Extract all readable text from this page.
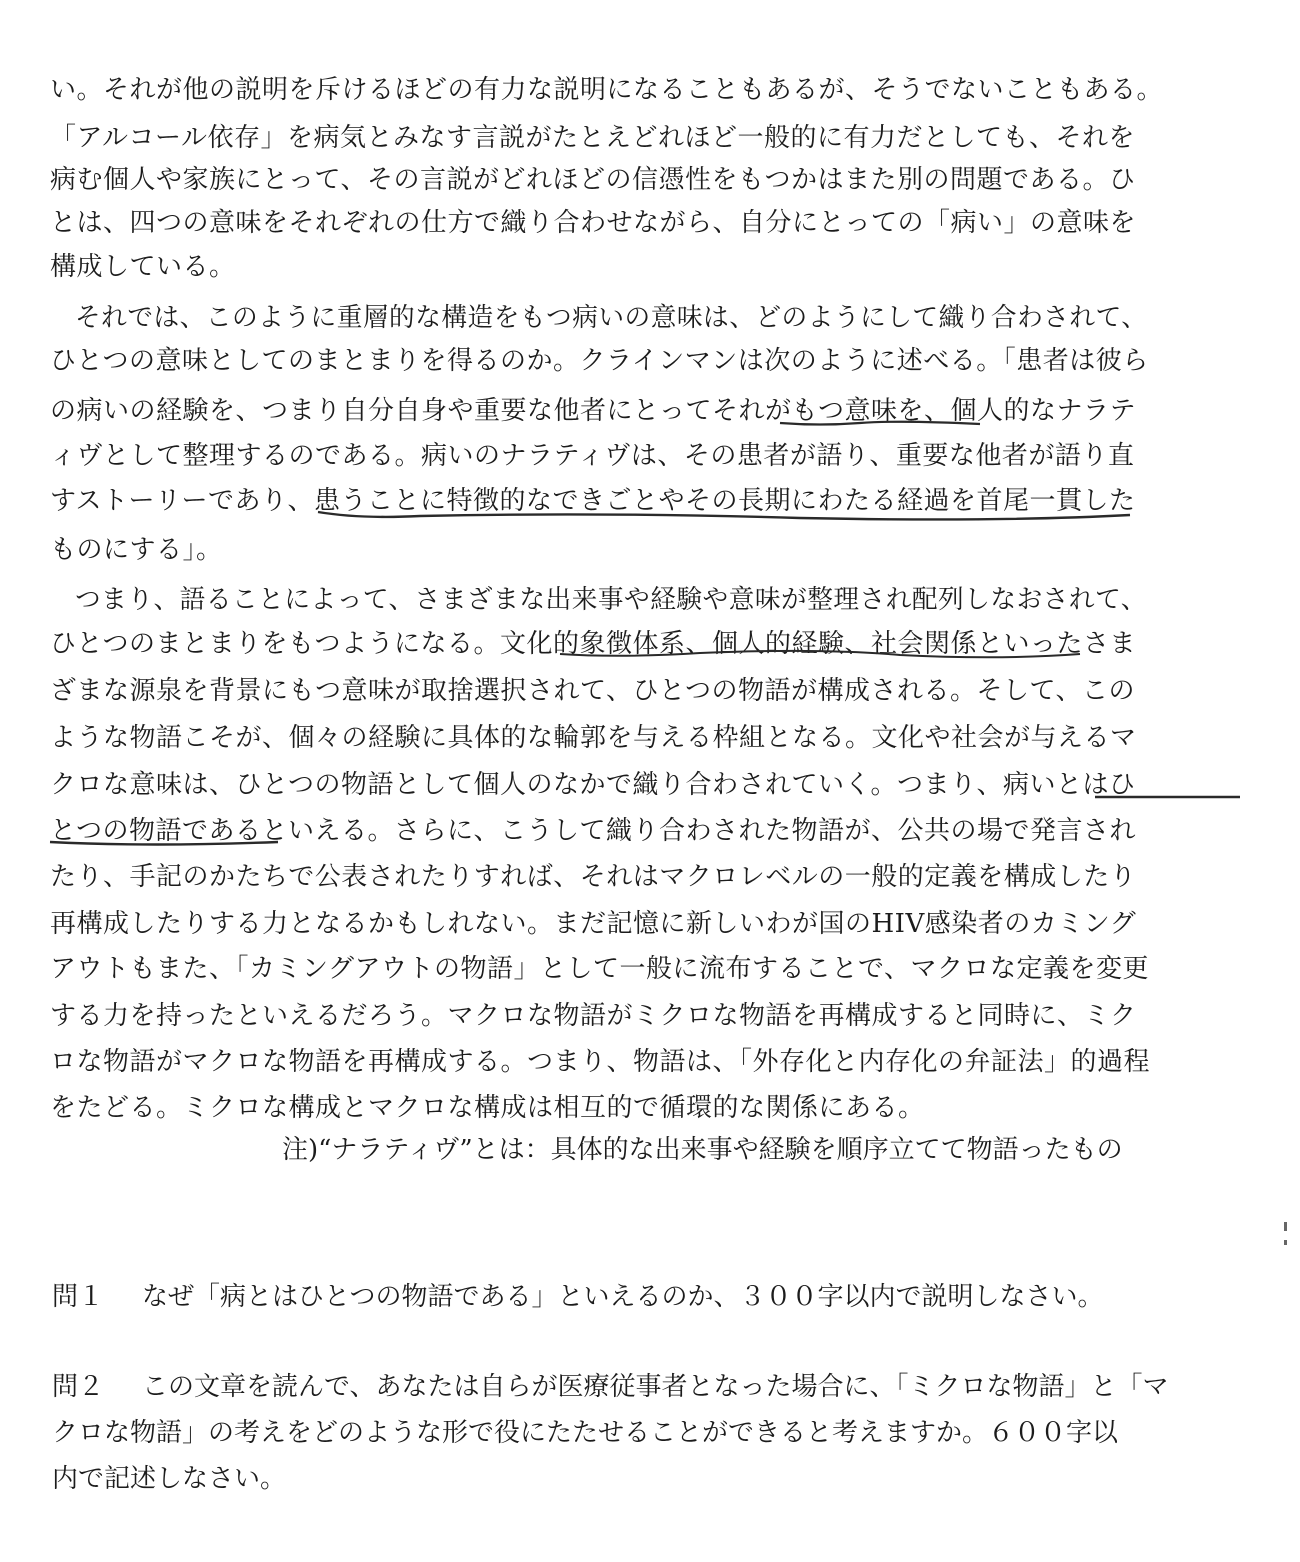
い。それが他の説明を斥けるほどの有力な説明になることもあるが、そうでないこともある。
「アルコール依存」を病気とみなす言説がたとえどれほど一般的に有力だとしても、それを
病む個人や家族にとって、その言説がどれほどの信憑性をもつかはまた別の問題である。ひ
とは、四つの意味をそれぞれの仕方で織り合わせながら、自分にとっての「病い」の意味を
構成している。
それでは、このように重層的な構造をもつ病いの意味は、どのようにして織り合わされて、
ひとつの意味としてのまとまりを得るのか。クラインマンは次のように述べる。「患者は彼ら
の病いの経験を、つまり自分自身や重要な他者にとってそれがもつ意味を、個人的なナラテ
ィヴとして整理するのである。病いのナラティヴは、その患者が語り、重要な他者が語り直
すストーリーであり、患うことに特徴的なできごとやその長期にわたる経過を首尾一貫した
ものにする」。
つまり、語ることによって、さまざまな出来事や経験や意味が整理され配列しなおされて、
ひとつのまとまりをもつようになる。文化的象徴体系、個人的経験、社会関係といったさま
ざまな源泉を背景にもつ意味が取捨選択されて、ひとつの物語が構成される。そして、この
ような物語こそが、個々の経験に具体的な輪郭を与える枠組となる。文化や社会が与えるマ
クロな意味は、ひとつの物語として個人のなかで織り合わされていく。つまり、病いとはひ
とつの物語であるといえる。さらに、こうして織り合わされた物語が、公共の場で発言され
たり、手記のかたちで公表されたりすれば、それはマクロレベルの一般的定義を構成したり
再構成したりする力となるかもしれない。まだ記憶に新しいわが国のHIV感染者のカミング
アウトもまた、「カミングアウトの物語」として一般に流布することで、マクロな定義を変更
する力を持ったといえるだろう。マクロな物語がミクロな物語を再構成すると同時に、ミク
ロな物語がマクロな物語を再構成する。つまり、物語は、「外存化と内存化の弁証法」的過程
をたどる。ミクロな構成とマクロな構成は相互的で循環的な関係にある。
注)“ナラティヴ”とは：具体的な出来事や経験を順序立てて物語ったもの
問１ なぜ「病とはひとつの物語である」といえるのか、３００字以内で説明しなさい。
問２ この文章を読んで、あなたは自らが医療従事者となった場合に、「ミクロな物語」と「マ
クロな物語」の考えをどのような形で役にたたせることができると考えますか。６００字以
内で記述しなさい。
